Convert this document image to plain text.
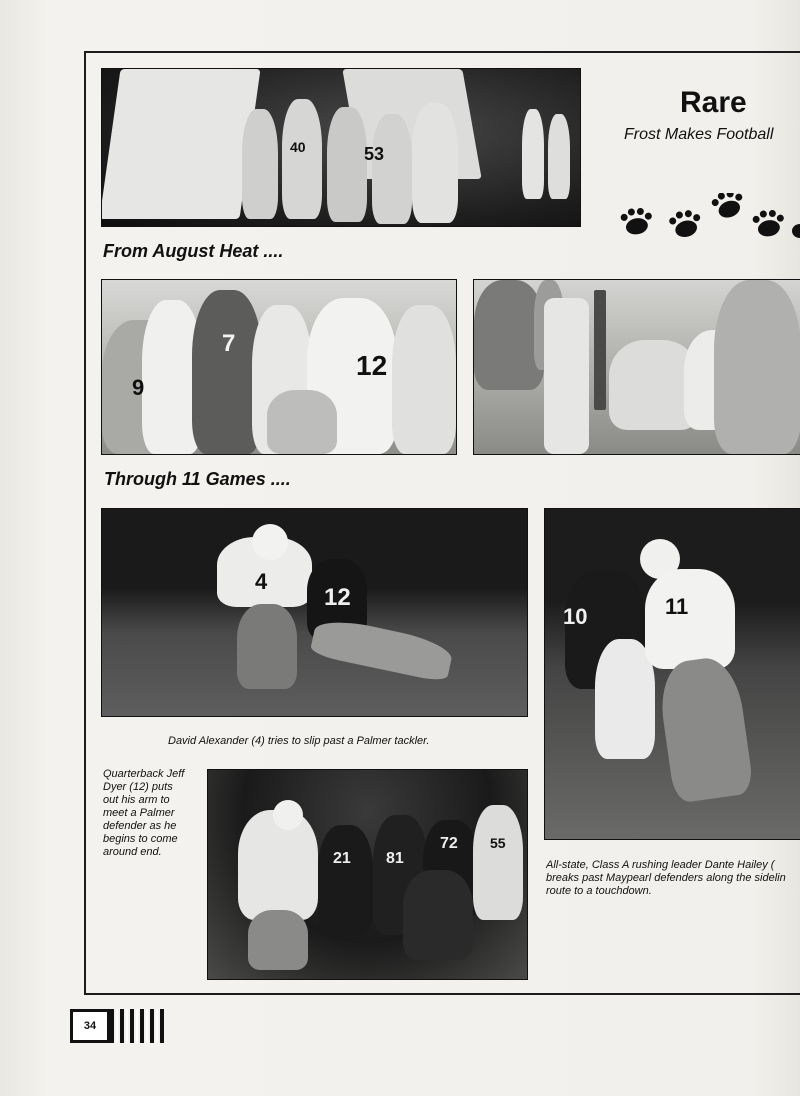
53
40
Rare
Frost Makes Football
From August Heat ....
12
7
9
Through 11 Games ....
4
12
David Alexander (4) tries to slip past a Palmer tackler.
10	11
All-state, Class A rushing leader Dante Hailey (
breaks past Maypearl defenders along the sidelin
route to a touchdown.
Quarterback Jeff Dyer (12) puts out his arm to meet a Palmer defender as he begins to come around end.	21 81
72 55
34
